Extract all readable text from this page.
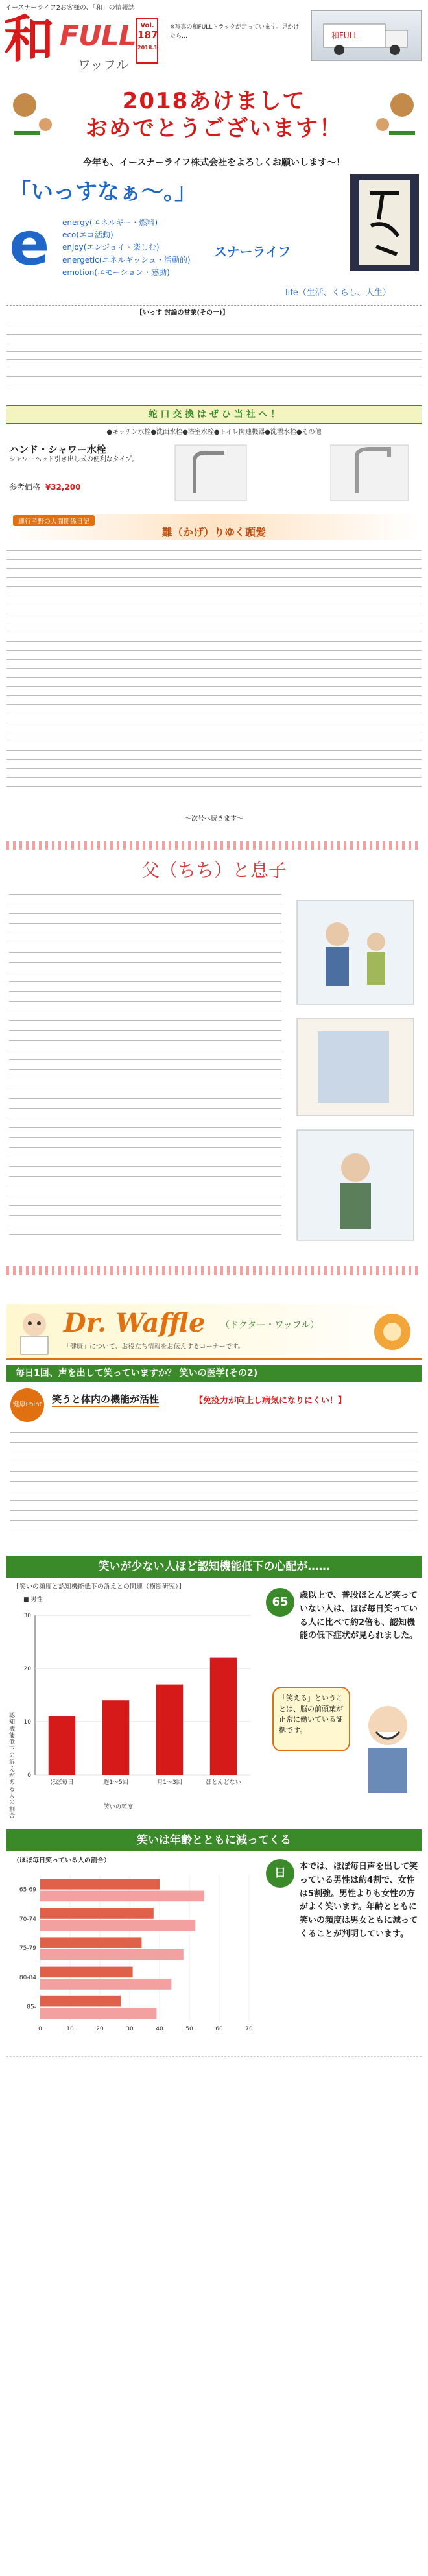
イースナーライフ2お客様の、「和」の情報誌
和 FULL
ワッフル
Vol.
187
2018.1
和FULL
※写真の和FULLトラックが走っています。見かけたら…
2018あけまして
おめでとうございます！
今年も、イースナーライフ株式会社をよろしくお願いします～！
「いっすなぁ～。」
e energy(エネルギー・燃料)
eco(エコ活動)
enjoy(エンジョイ・楽しむ)
energetic(エネルギッシュ・活動的)
emotion(エモーション・感動)
スナーライフ
life（生活、くらし、人生）
【いっす 討論の営業(その一)】
蛇 口 交 換 は ぜ ひ 当 社 へ ！
●キッチン水栓●洗面水栓●浴室水栓●トイレ関連機器●洗濯水栓●その他
ハンド・シャワー水栓
シャワーヘッド引き出し式の便利なタイプ。
参考価格 ¥32,200
連行考野の人間関係日記
難（かげ）りゆく頭髪
～次号へ続きます～
父（ちち）と息子
Dr. Waffle （ドクター・ワッフル）
「健康」について、お役立ち情報をお伝えするコーナーです。
毎日1回、声を出して笑っていますか？ 笑いの医学(その2)
健康Point 笑うと体内の機能が活性	【免疫力が向上し病気になりにくい！】
笑いが少ない人ほど認知機能低下の心配が……
【笑いの頻度と認知機能低下の訴えとの関連（横断研究）】
■ 男性
0
10
20
30
ほぼ毎日	週1～5回	月1～3回	ほとんどない
認知機能低下の訴えがある人の割合
笑いの頻度
65	歳以上で、普段ほとんど笑っていない人は、ほぼ毎日笑っている人に比べて約2倍も、認知機能の低下症状が見られました。
「笑える」ということは、脳の前頭葉が正常に働いている証拠です。
笑いは年齢とともに減ってくる
（ほぼ毎日笑っている人の割合）
0	10	20	30	40	50	60	70
65-69
70-74
75-79
80-84
85-
日	本では、ほぼ毎日声を出して笑っている男性は約4割で、女性は5割強。男性よりも女性の方がよく笑います。年齢とともに笑いの頻度は男女ともに減ってくることが判明しています。
